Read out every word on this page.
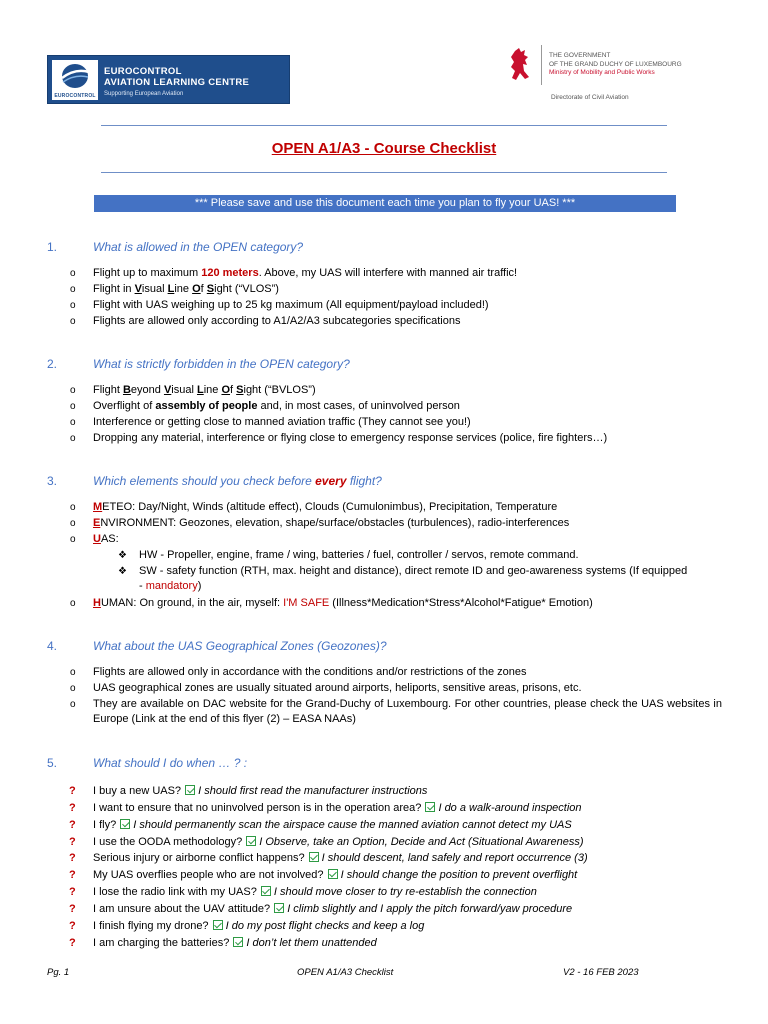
EUROCONTROL
EUROCONTROL
AVIATION LEARNING CENTRE
Supporting European Aviation
THE GOVERNMENT
OF THE GRAND DUCHY OF LUXEMBOURG
Ministry of Mobility and Public Works
Directorate of Civil Aviation
OPEN A1/A3 - Course Checklist
*** Please save and use this document each time you plan to fly your UAS! ***
1.	What is allowed in the OPEN category?
o Flight up to maximum 120 meters. Above, my UAS will interfere with manned air traffic!
o Flight in Visual Line Of Sight (“VLOS”)
o Flight with UAS weighing up to 25 kg maximum (All equipment/payload included!)
o Flights are allowed only according to A1/A2/A3 subcategories specifications
2.	What is strictly forbidden in the OPEN category?
o Flight Beyond Visual Line Of Sight (“BVLOS”)
o Overflight of assembly of people and, in most cases, of uninvolved person
o Interference or getting close to manned aviation traffic (They cannot see you!)
o Dropping any material, interference or flying close to emergency response services (police, fire fighters…)
3.	Which elements should you check before every flight?
o METEO: Day/Night, Winds (altitude effect), Clouds (Cumulonimbus), Precipitation, Temperature
o ENVIRONMENT: Geozones, elevation, shape/surface/obstacles (turbulences), radio-interferences
o UAS:
❖ HW - Propeller, engine, frame / wing, batteries / fuel, controller / servos, remote command.
❖ SW - safety function (RTH, max. height and distance), direct remote ID and geo-awareness systems (If equipped
- mandatory)
o HUMAN: On ground, in the air, myself: I'M SAFE (Illness*Medication*Stress*Alcohol*Fatigue* Emotion)
4.	What about the UAS Geographical Zones (Geozones)?
o Flights are allowed only in accordance with the conditions and/or restrictions of the zones
o UAS geographical zones are usually situated around airports, heliports, sensitive areas, prisons, etc.
o They are available on DAC website for the Grand-Duchy of Luxembourg. For other countries, please check the UAS websites in Europe (Link at the end of this flyer (2) – EASA NAAs)
5.	What should I do when … ? :
? I buy a new UAS? I should first read the manufacturer instructions
? I want to ensure that no uninvolved person is in the operation area? I do a walk-around inspection
? I fly? I should permanently scan the airspace cause the manned aviation cannot detect my UAS
? I use the OODA methodology? I Observe, take an Option, Decide and Act (Situational Awareness)
? Serious injury or airborne conflict happens? I should descent, land safely and report occurrence (3)
? My UAS overflies people who are not involved? I should change the position to prevent overflight
? I lose the radio link with my UAS? I should move closer to try re-establish the connection
? I am unsure about the UAV attitude? I climb slightly and I apply the pitch forward/yaw procedure
? I finish flying my drone? I do my post flight checks and keep a log
? I am charging the batteries? I don’t let them unattended
Pg. 1	OPEN A1/A3 Checklist	V2 - 16 FEB 2023
